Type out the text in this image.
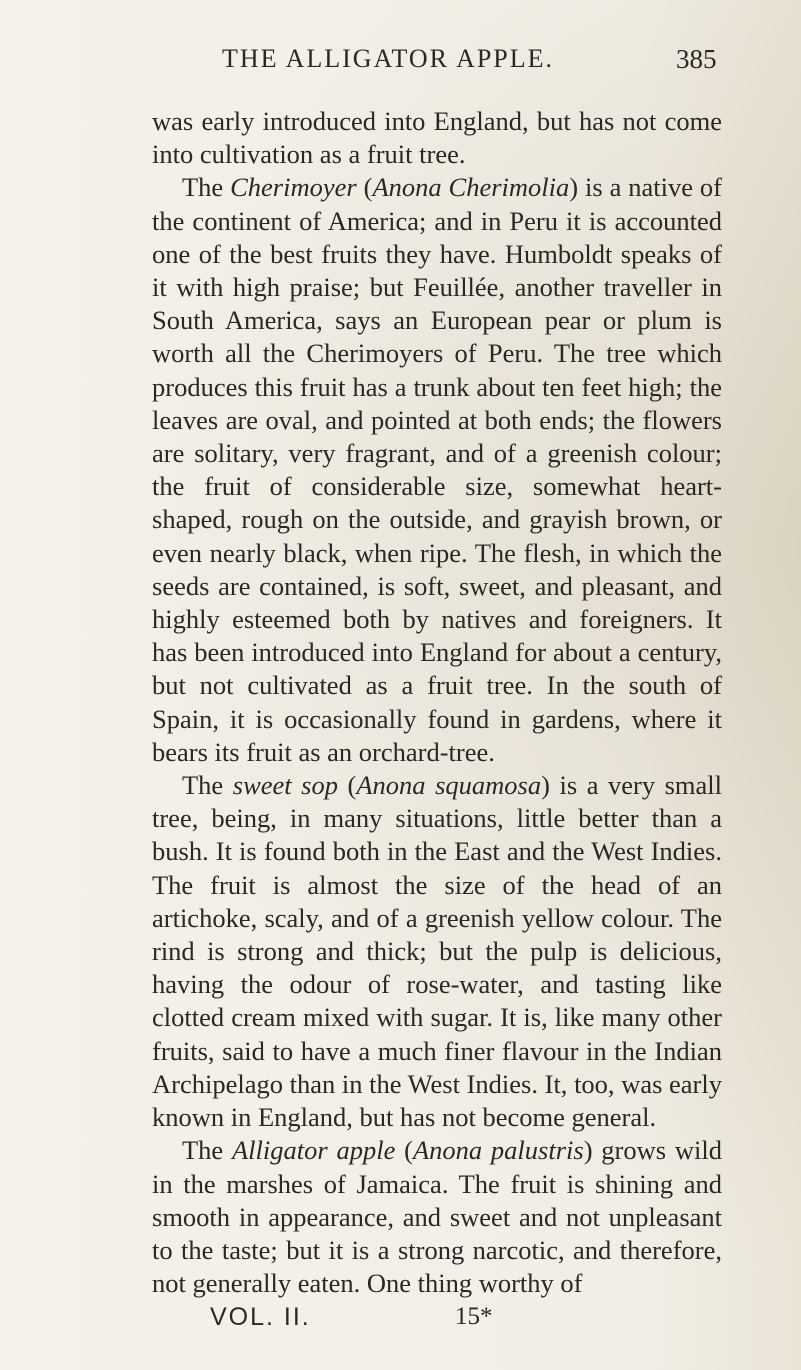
THE ALLIGATOR APPLE.	385

was early introduced into England, but has not come into cultivation as a fruit tree.

The Cherimoyer (Anona Cherimolia) is a native of the continent of America; and in Peru it is accounted one of the best fruits they have. Humboldt speaks of it with high praise; but Feuillée, another traveller in South America, says an European pear or plum is worth all the Cherimoyers of Peru. The tree which produces this fruit has a trunk about ten feet high; the leaves are oval, and pointed at both ends; the flowers are solitary, very fragrant, and of a greenish colour; the fruit of considerable size, somewhat heart-shaped, rough on the outside, and grayish brown, or even nearly black, when ripe. The flesh, in which the seeds are contained, is soft, sweet, and pleasant, and highly esteemed both by natives and foreigners. It has been introduced into England for about a century, but not cultivated as a fruit tree. In the south of Spain, it is occasionally found in gardens, where it bears its fruit as an orchard-tree.

The sweet sop (Anona squamosa) is a very small tree, being, in many situations, little better than a bush. It is found both in the East and the West Indies. The fruit is almost the size of the head of an artichoke, scaly, and of a greenish yellow colour. The rind is strong and thick; but the pulp is delicious, having the odour of rose-water, and tasting like clotted cream mixed with sugar. It is, like many other fruits, said to have a much finer flavour in the Indian Archipelago than in the West Indies. It, too, was early known in England, but has not become general.

The Alligator apple (Anona palustris) grows wild in the marshes of Jamaica. The fruit is shining and smooth in appearance, and sweet and not unpleasant to the taste; but it is a strong narcotic, and therefore, not generally eaten. One thing worthy of

VOL. II.	15*
